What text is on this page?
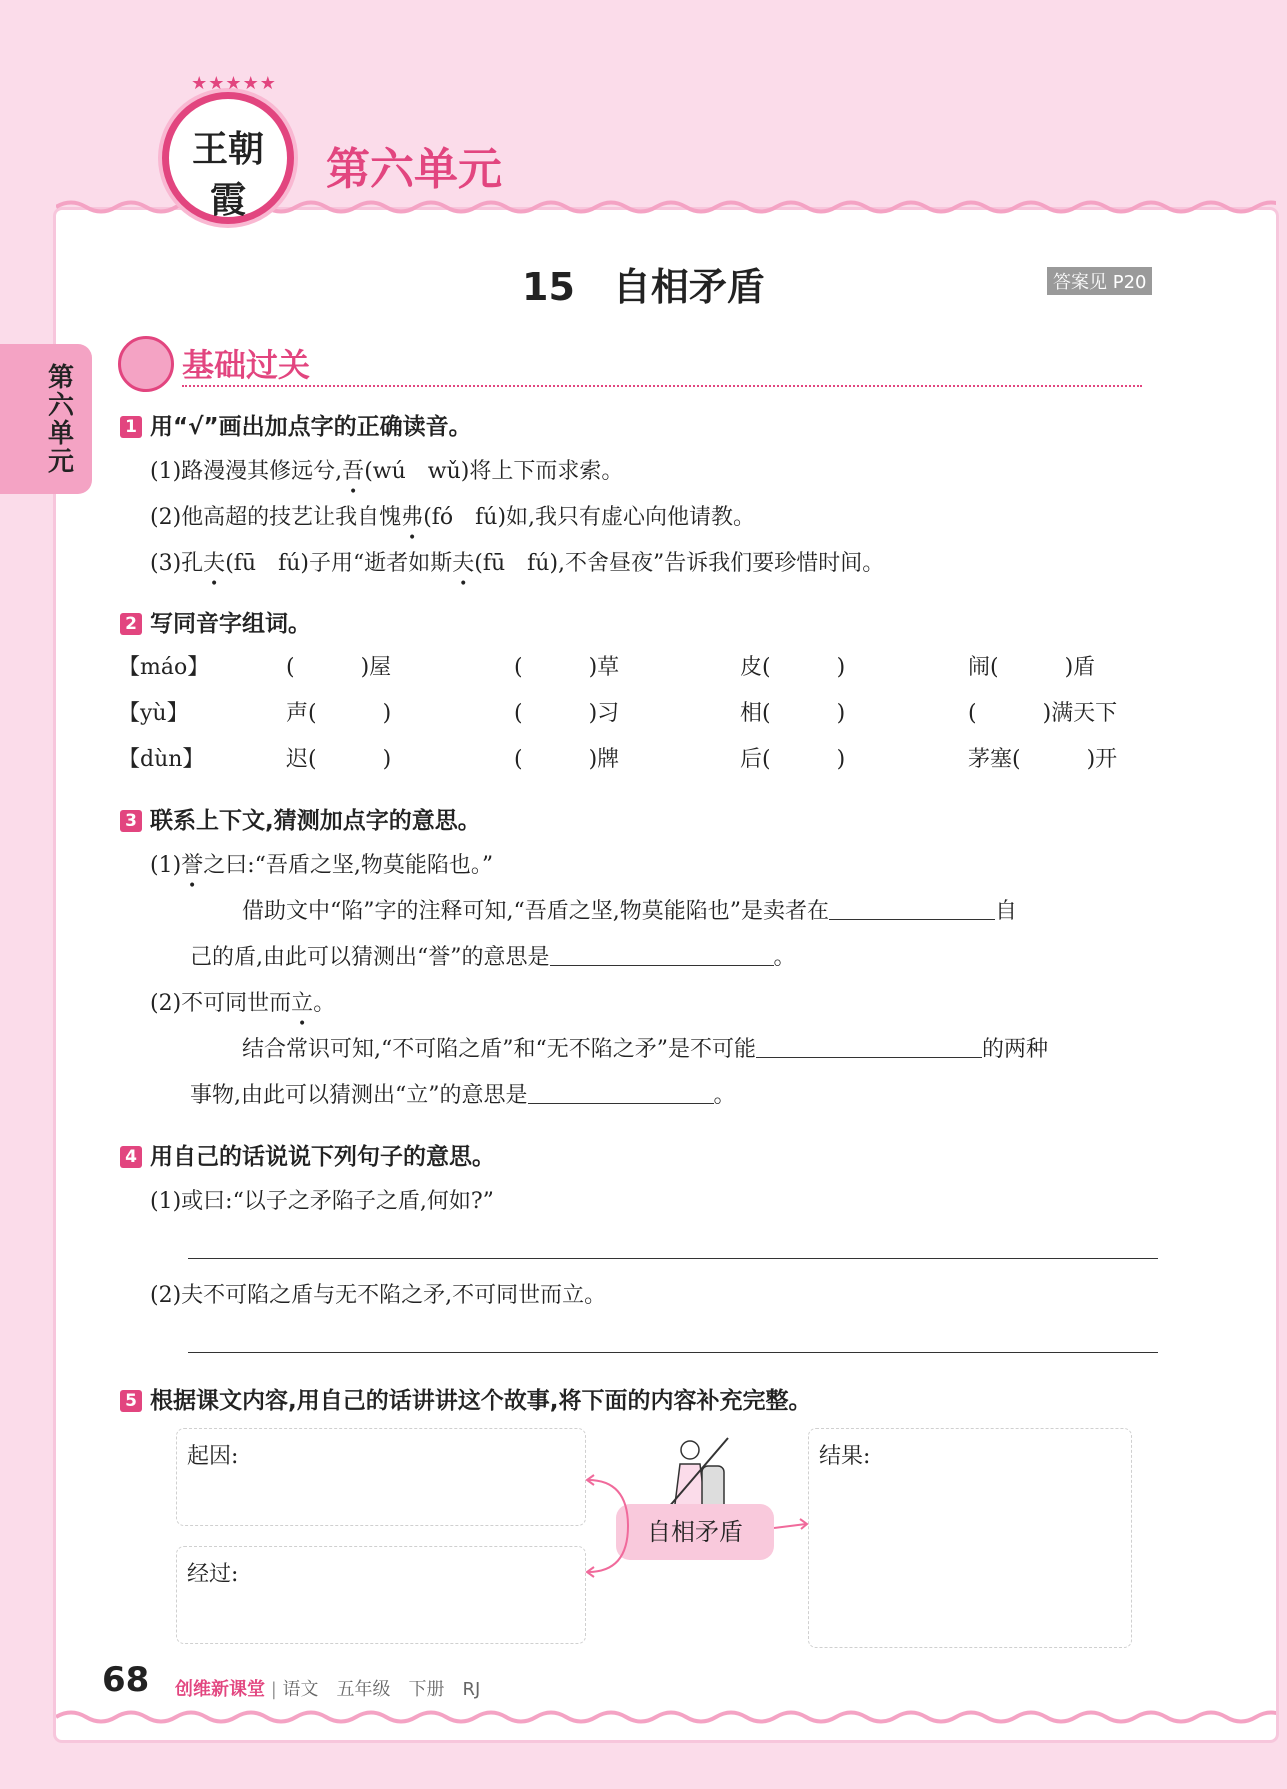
★★★★★
王朝霞
第六单元
第六单元
15　自相矛盾	答案见 P20
基础过关
1 用“√”画出加点字的正确读音。
(1)路漫漫其修远兮,吾(wú　wǔ)将上下而求索。
(2)他高超的技艺让我自愧弗(fó　fú)如,我只有虚心向他请教。
(3)孔夫(fū　fú)子用“逝者如斯夫(fū　fú),不舍昼夜”告诉我们要珍惜时间。
2 写同音字组词。
【máo】	(　　　)屋	(　　　)草	皮(　　　)	闹(　　　)盾
【yù】	声(　　　)	(　　　)习	相(　　　)	(　　　)满天下
【dùn】	迟(　　　)	(　　　)牌	后(　　　)	茅塞(　　　)开
3 联系上下文,猜测加点字的意思。
(1)誉之曰:“吾盾之坚,物莫能陷也。”
借助文中“陷”字的注释可知,“吾盾之坚,物莫能陷也”是卖者在	自
己的盾,由此可以猜测出“誉”的意思是	。
(2)不可同世而立。
结合常识可知,“不可陷之盾”和“无不陷之矛”是不可能	的两种
事物,由此可以猜测出“立”的意思是	。
4 用自己的话说说下列句子的意思。
(1)或曰:“以子之矛陷子之盾,何如?”
(2)夫不可陷之盾与无不陷之矛,不可同世而立。
5 根据课文内容,用自己的话讲讲这个故事,将下面的内容补充完整。
起因:
经过:
结果:
自相矛盾
68 创维新课堂 | 语文　五年级　下册　RJ
